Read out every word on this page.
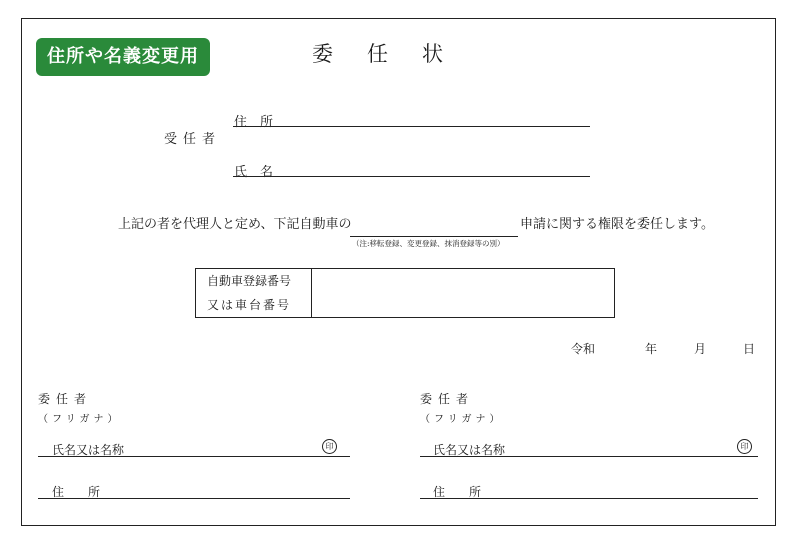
住所や名義変更用	委任状
受任者
住　所
氏　名
上記の者を代理人と定め、下記自動車の
（注:移転登録、変更登録、抹消登録等の別）
申請に関する権限を委任します。
自動車登録番号
又は車台番号
令和	年	月	日
委任者
（フリガナ）
氏名又は名称	印
住　　所
委任者
（フリガナ）
氏名又は名称	印
住　　所
